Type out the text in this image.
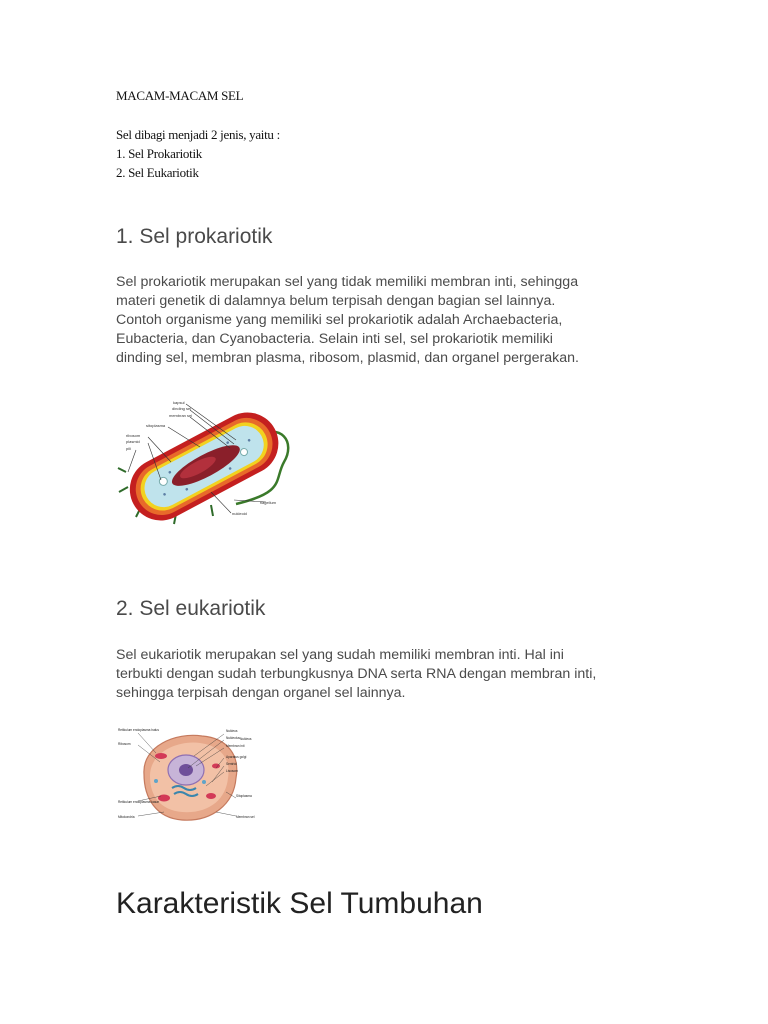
MACAM-MACAM SEL
Sel dibagi menjadi 2 jenis, yaitu :
1. Sel Prokariotik
2. Sel Eukariotik
1. Sel prokariotik

Sel prokariotik merupakan sel yang tidak memiliki membran inti, sehingga

materi genetik di dalamnya belum terpisah dengan bagian sel lainnya.

Contoh organisme yang memiliki sel prokariotik adalah Archaebacteria,

Eubacteria, dan Cyanobacteria. Selain inti sel, sel prokariotik memiliki

dinding sel, membran plasma, ribosom, plasmid, dan organel pergerakan.

kapsul
dinding sel
membran sel
sitoplasma
ribosom
plasmid
pili
flagellum
nukleoid
2. Sel eukariotik

Sel eukariotik merupakan sel yang sudah memiliki membran inti. Hal ini

terbukti dengan sudah terbungkusnya DNA serta RNA dengan membran inti,

sehingga terpisah dengan organel sel lainnya.

Retikulum endoplasma halus
Ribosom
Retikulum endoplasma kasar
Mitokondria
Nukleus
Nukleolus
Membran inti
Nukleus
Aparatus golgi
Sentriol
Lisosom
Sitoplasma
Membran sel
Karakteristik Sel Tumbuhan
